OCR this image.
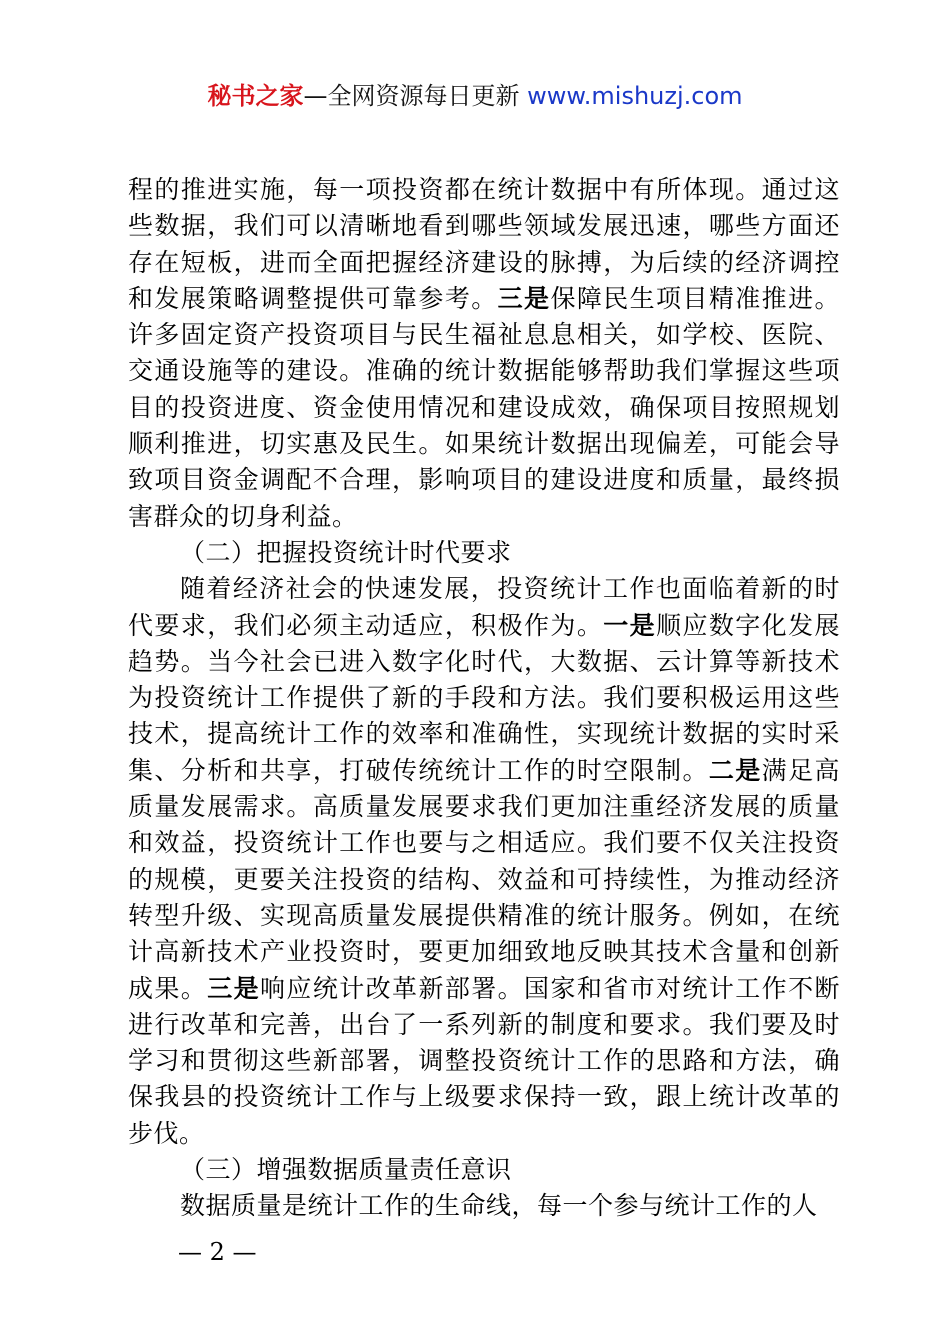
秘书之家—全网资源每日更新 www.mishuzj.com

程的推进实施，每一项投资都在统计数据中有所体现。通过这些数据，我们可以清晰地看到哪些领域发展迅速，哪些方面还存在短板，进而全面把握经济建设的脉搏，为后续的经济调控和发展策略调整提供可靠参考。三是保障民生项目精准推进。许多固定资产投资项目与民生福祉息息相关，如学校、医院、交通设施等的建设。准确的统计数据能够帮助我们掌握这些项目的投资进度、资金使用情况和建设成效，确保项目按照规划顺利推进，切实惠及民生。如果统计数据出现偏差，可能会导致项目资金调配不合理，影响项目的建设进度和质量，最终损害群众的切身利益。

（二）把握投资统计时代要求

随着经济社会的快速发展，投资统计工作也面临着新的时代要求，我们必须主动适应，积极作为。一是顺应数字化发展趋势。当今社会已进入数字化时代，大数据、云计算等新技术为投资统计工作提供了新的手段和方法。我们要积极运用这些技术，提高统计工作的效率和准确性，实现统计数据的实时采集、分析和共享，打破传统统计工作的时空限制。二是满足高质量发展需求。高质量发展要求我们更加注重经济发展的质量和效益，投资统计工作也要与之相适应。我们要不仅关注投资的规模，更要关注投资的结构、效益和可持续性，为推动经济转型升级、实现高质量发展提供精准的统计服务。例如，在统计高新技术产业投资时，要更加细致地反映其技术含量和创新成果。三是响应统计改革新部署。国家和省市对统计工作不断进行改革和完善，出台了一系列新的制度和要求。我们要及时学习和贯彻这些新部署，调整投资统计工作的思路和方法，确保我县的投资统计工作与上级要求保持一致，跟上统计改革的步伐。

（三）增强数据质量责任意识

数据质量是统计工作的生命线，每一个参与统计工作的人

— 2 —
